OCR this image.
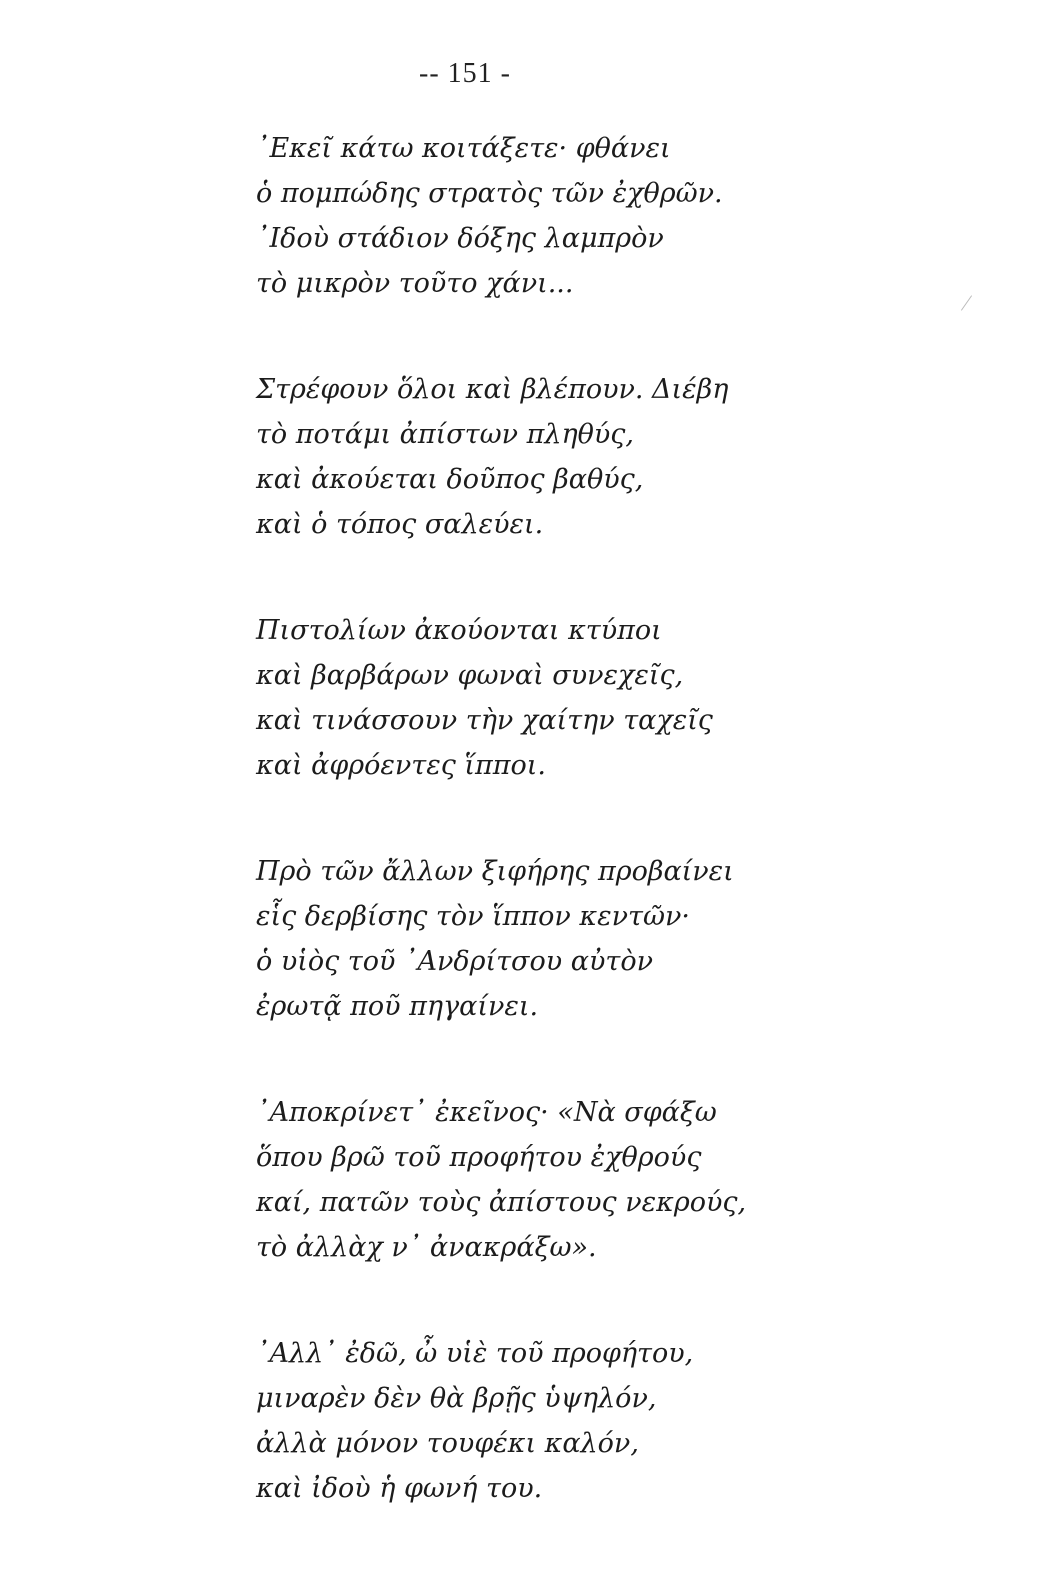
-- 151 -
᾿Εκεῖ κάτω κοιτάξετε· φθάνει
ὁ πομπώδης στρατὸς τῶν ἐχθρῶν.
᾿Ιδοὺ στάδιον δόξης λαμπρὸν
τὸ μικρὸν τοῦτο χάνι...
Στρέφουν ὅλοι καὶ βλέπουν. Διέβη
τὸ ποτάμι ἀπίστων πληθύς,
καὶ ἀκούεται δοῦπος βαθύς,
καὶ ὁ τόπος σαλεύει.
Πιστολίων ἀκούονται κτύποι
καὶ βαρβάρων φωναὶ συνεχεῖς,
καὶ τινάσσουν τὴν χαίτην ταχεῖς
καὶ ἀφρόεντες ἵπποι.
Πρὸ τῶν ἄλλων ξιφήρης προβαίνει
εἷς δερβίσης τὸν ἵππον κεντῶν·
ὁ υἱὸς τοῦ ᾿Ανδρίτσου αὐτὸν
ἐρωτᾷ ποῦ πηγαίνει.
᾿Αποκρίνετ᾿ ἐκεῖνος· «Νὰ σφάξω
ὅπου βρῶ τοῦ προφήτου ἐχθρούς
καί, πατῶν τοὺς ἀπίστους νεκρούς,
τὸ ἀλλὰχ ν᾿ ἀνακράξω».
᾿Αλλ᾿ ἐδῶ, ὦ υἱὲ τοῦ προφήτου,
μιναρὲν δὲν θὰ βρῇς ὑψηλόν,
ἀλλὰ μόνον τουφέκι καλόν,
καὶ ἰδοὺ ἡ φωνή του.
